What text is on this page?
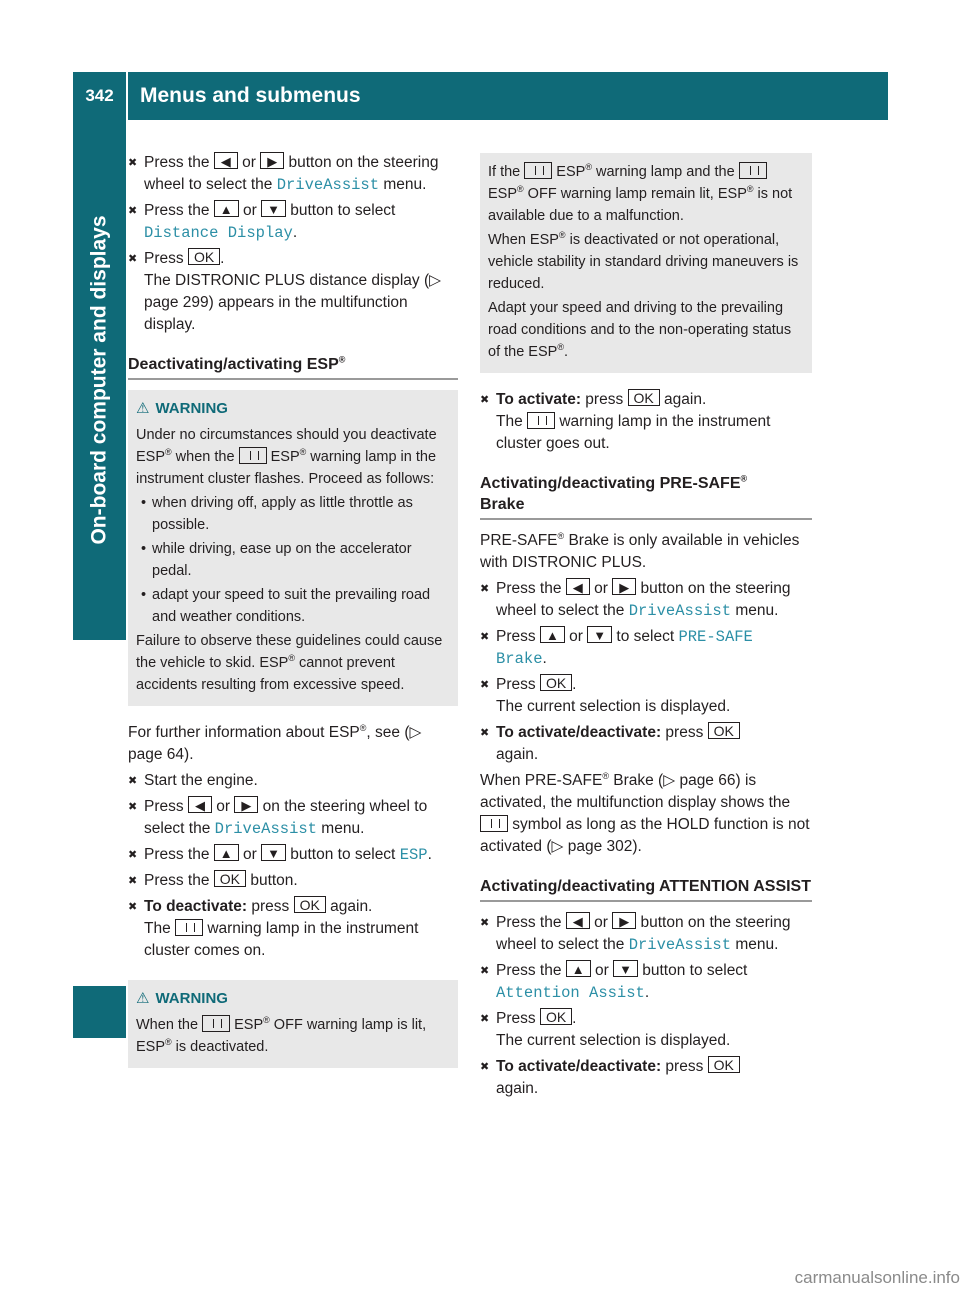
342	Menus and submenus
On-board computer and displays
✖ Press the ◀ or ▶ button on the steering wheel to select the DriveAssist menu.
✖ Press the ▲ or ▼ button to select Distance Display.
✖ Press OK .
The DISTRONIC PLUS distance display (▷ page 299) appears in the multifunction display.
Deactivating/activating ESP®
⚠ WARNING

Under no circumstances should you deactivate ESP® when the  ESP® warning lamp in the instrument cluster flashes. Proceed as follows:

• when driving off, apply as little throttle as possible.
• while driving, ease up on the accelerator pedal.
• adapt your speed to suit the prevailing road and weather conditions.

Failure to observe these guidelines could cause the vehicle to skid. ESP® cannot prevent accidents resulting from excessive speed.

For further information about ESP®, see (▷ page 64).

✖ Start the engine.
✖ Press ◀ or ▶ on the steering wheel to select the DriveAssist menu.
✖ Press the ▲ or ▼ button to select ESP.
✖ Press the OK button.
✖ To deactivate: press OK again.
The  warning lamp in the instrument cluster comes on.
⚠ WARNING

When the  ESP® OFF warning lamp is lit, ESP® is deactivated.

If the  ESP® warning lamp and the  ESP® OFF warning lamp remain lit, ESP® is not available due to a malfunction.

When ESP® is deactivated or not operational, vehicle stability in standard driving maneuvers is reduced.

Adapt your speed and driving to the prevailing road conditions and to the non-operating status of the ESP®.

✖ To activate: press OK again.
The  warning lamp in the instrument cluster goes out.
Activating/deactivating PRE-SAFE®
Brake

PRE-SAFE® Brake is only available in vehicles with DISTRONIC PLUS.

✖ Press the ◀ or ▶ button on the steering wheel to select the DriveAssist menu.
✖ Press ▲ or ▼ to select PRE-SAFE Brake.
✖ Press OK .
The current selection is displayed.
✖ To activate/deactivate: press OK
again.

When PRE-SAFE® Brake (▷ page 66) is activated, the multifunction display shows the  symbol as long as the HOLD function is not activated (▷ page 302).

Activating/deactivating ATTENTION ASSIST
✖ Press the ◀ or ▶ button on the steering wheel to select the DriveAssist menu.
✖ Press the ▲ or ▼ button to select Attention Assist.
✖ Press OK .
The current selection is displayed.
✖ To activate/deactivate: press OK
again.
carmanualsonline.info
